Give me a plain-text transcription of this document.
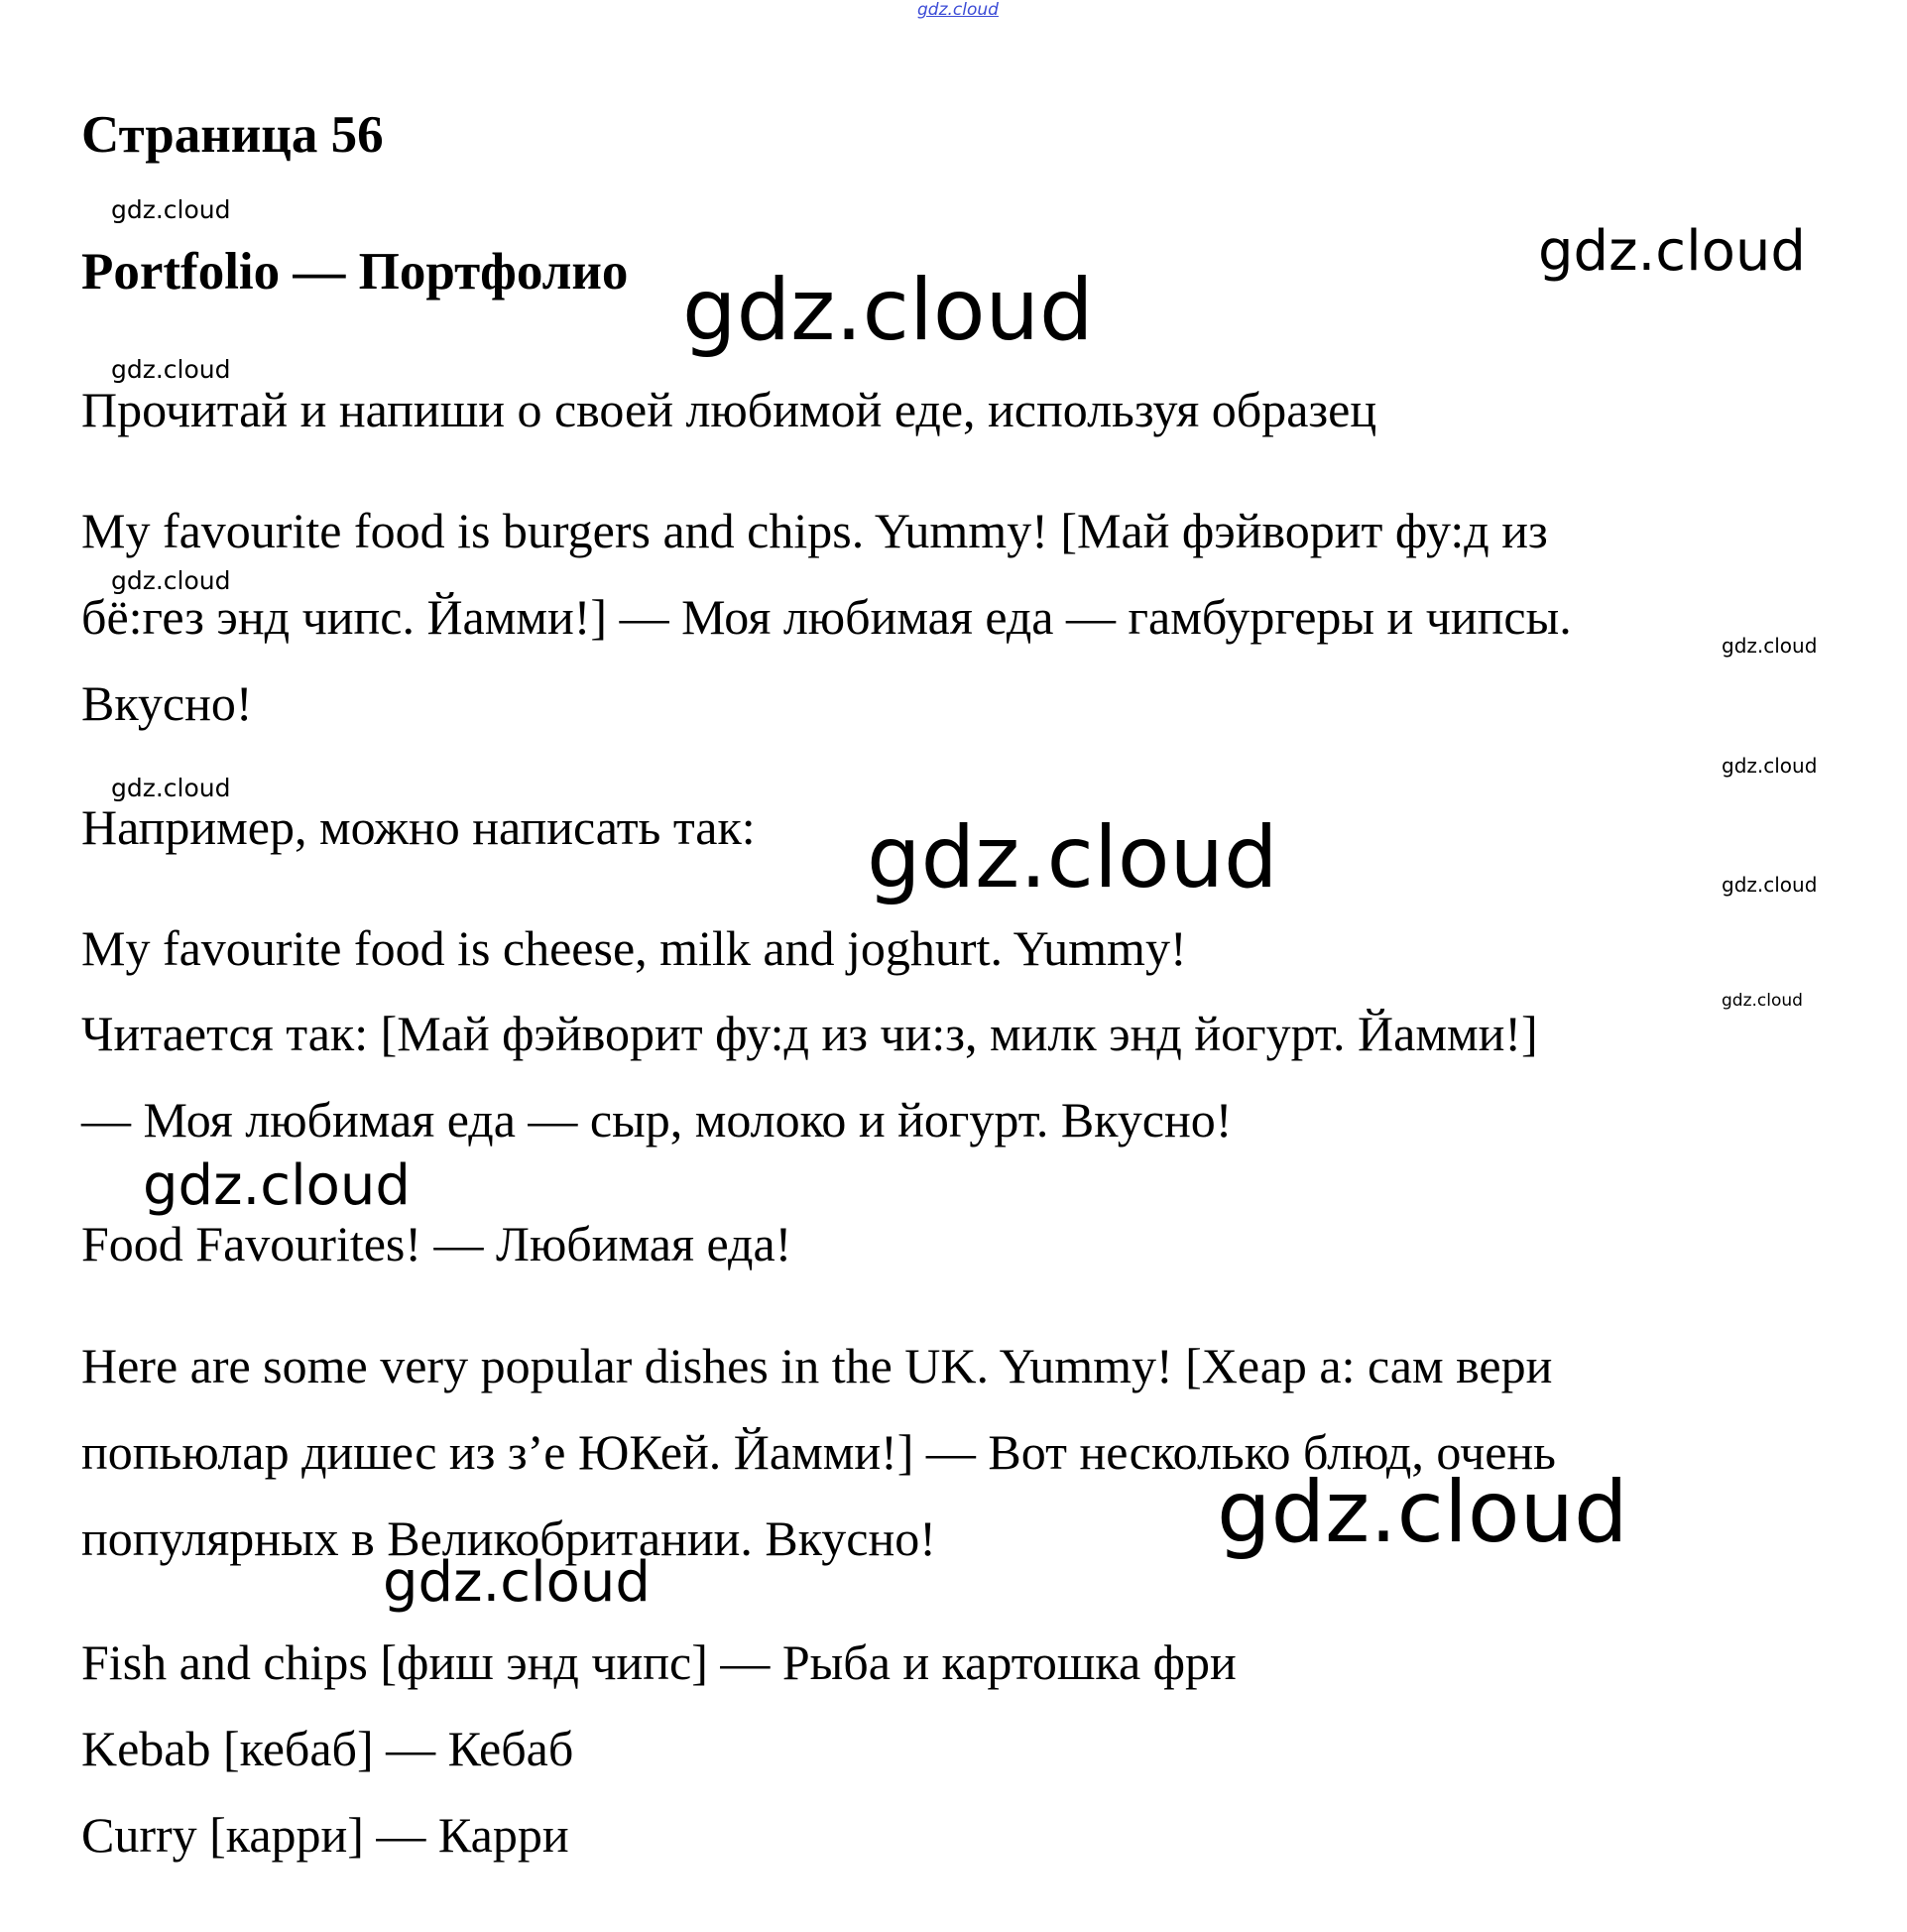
gdz.cloud
Страница 56
Portfolio — Портфолио

Прочитай и напиши о своей любимой еде, используя образец

My favourite food is burgers and chips. Yummy! [Май фэйворит фу:д из

бё:гез энд чипс. Йамми!] — Моя любимая еда — гамбургеры и чипсы.

Вкусно!

Например, можно написать так:

My favourite food is cheese, milk and joghurt. Yummy!

Читается так: [Май фэйворит фу:д из чи:з, милк энд йогурт. Йамми!]

— Моя любимая еда — сыр, молоко и йогурт. Вкусно!

Food Favourites! — Любимая еда!

Here are some very popular dishes in the UK. Yummy! [Хеар а: сам вери

попьюлар дишес из з’е ЮКей. Йамми!] — Вот несколько блюд, очень

популярных в Великобритании. Вкусно!

Fish and chips [фиш энд чипс] — Рыба и картошка фри

Kebab [кебаб] — Кебаб

Curry [карри] — Карри

gdz.cloud
gdz.cloud
gdz.cloud
gdz.cloud
gdz.cloud
gdz.cloud
gdz.cloud
gdz.cloud
gdz.cloud	gdz.cloud
gdz.cloud
gdz.cloud
gdz.cloud
gdz.cloud
